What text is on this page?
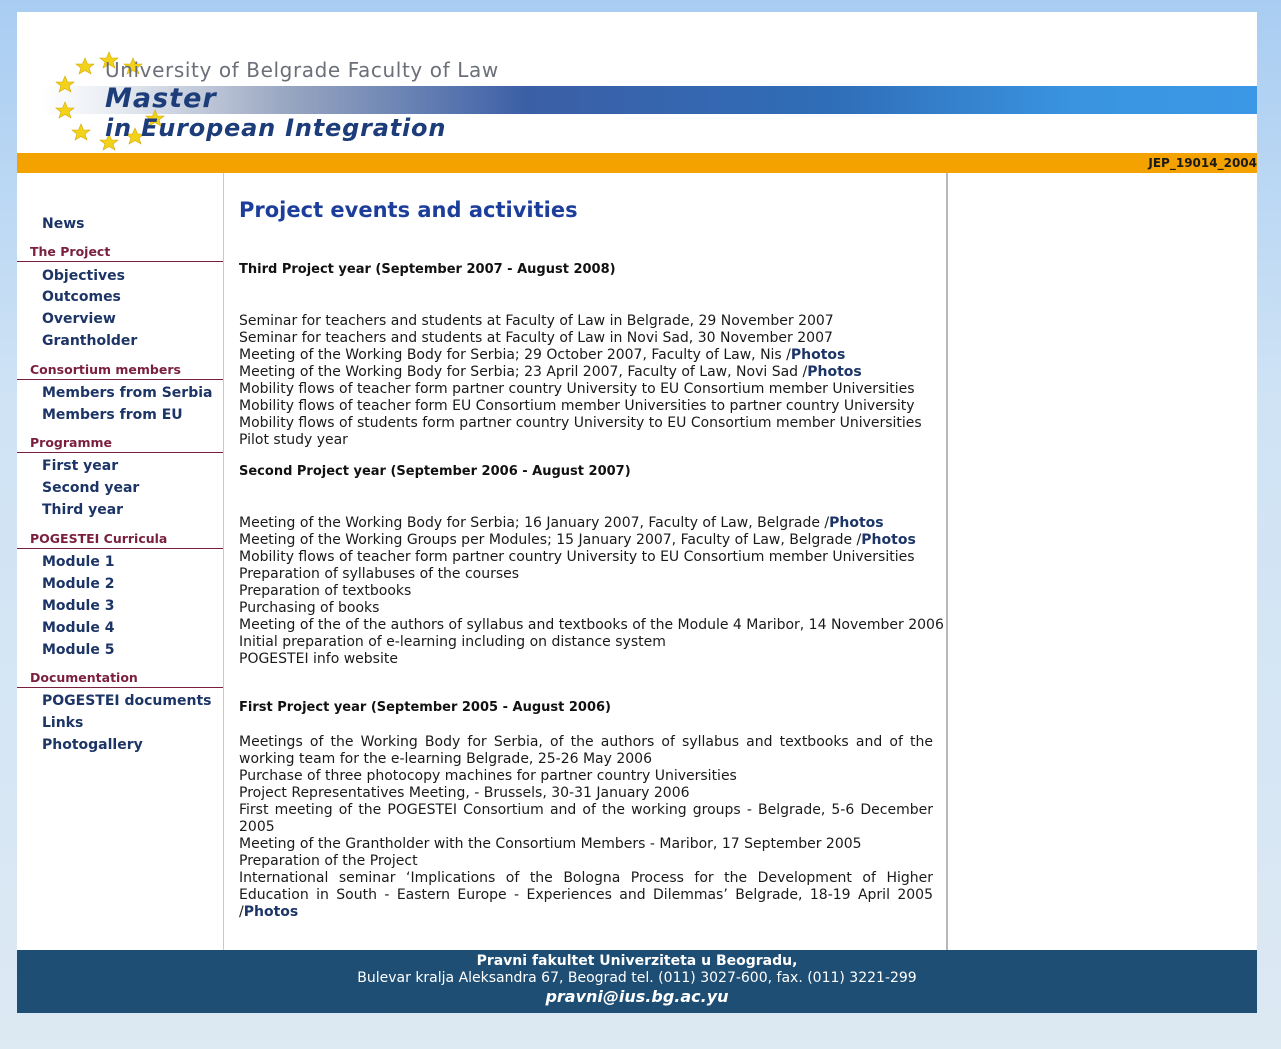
University of Belgrade Faculty of Law
Master
in European Integration
JEP_19014_2004
News
The Project
Objectives
Outcomes
Overview
Grantholder
Consortium members
Members from Serbia
Members from EU
Programme
First year
Second year
Third year
POGESTEI Curricula
Module 1
Module 2
Module 3
Module 4
Module 5
Documentation
POGESTEI documents
Links
Photogallery
Project events and activities
Third Project year (September 2007 - August 2008)
Seminar for teachers and students at Faculty of Law in Belgrade, 29 November 2007
Seminar for teachers and students at Faculty of Law in Novi Sad, 30 November 2007
Meeting of the Working Body for Serbia; 29 October 2007, Faculty of Law, Nis /Photos
Meeting of the Working Body for Serbia; 23 April 2007, Faculty of Law, Novi Sad /Photos
Mobility flows of teacher form partner country University to EU Consortium member Universities
Mobility flows of teacher form EU Consortium member Universities to partner country University
Mobility flows of students form partner country University to EU Consortium member Universities
Pilot study year
Second Project year (September 2006 - August 2007)
Meeting of the Working Body for Serbia; 16 January 2007, Faculty of Law, Belgrade /Photos
Meeting of the Working Groups per Modules; 15 January 2007, Faculty of Law, Belgrade /Photos
Mobility flows of teacher form partner country University to EU Consortium member Universities
Preparation of syllabuses of the courses
Preparation of textbooks
Purchasing of books
Meeting of the of the authors of syllabus and textbooks of the Module 4 Maribor, 14 November 2006
Initial preparation of e-learning including on distance system
POGESTEI info website
First Project year (September 2005 - August 2006)
Meetings of the Working Body for Serbia, of the authors of syllabus and textbooks and of the working team for the e-learning Belgrade, 25-26 May 2006
Purchase of three photocopy machines for partner country Universities
Project Representatives Meeting, - Brussels, 30-31 January 2006
First meeting of the POGESTEI Consortium and of the working groups - Belgrade, 5-6 December 2005
Meeting of the Grantholder with the Consortium Members - Maribor, 17 September 2005
Preparation of the Project
International seminar ‘Implications of the Bologna Process for the Development of Higher Education in South - Eastern Europe - Experiences and Dilemmas’ Belgrade, 18-19 April 2005 /Photos
Pravni fakultet Univerziteta u Beogradu,
Bulevar kralja Aleksandra 67, Beograd tel. (011) 3027-600, fax. (011) 3221-299
pravni@ius.bg.ac.yu
